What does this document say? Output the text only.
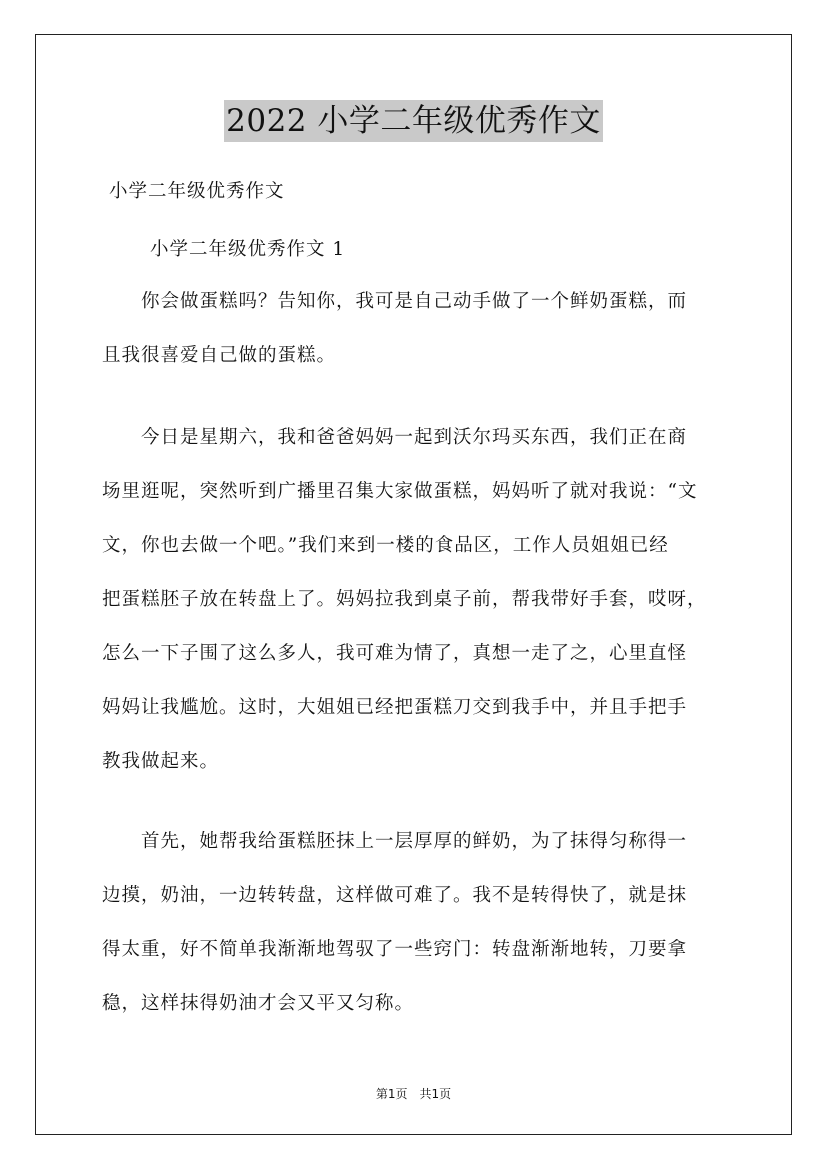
2022 小学二年级优秀作文
小学二年级优秀作文
小学二年级优秀作文 1
　　你会做蛋糕吗？告知你，我可是自己动手做了一个鲜奶蛋糕，而
且我很喜爱自己做的蛋糕。
　　今日是星期六，我和爸爸妈妈一起到沃尔玛买东西，我们正在商
场里逛呢，突然听到广播里召集大家做蛋糕，妈妈听了就对我说：“文
文，你也去做一个吧。”我们来到一楼的食品区，工作人员姐姐已经
把蛋糕胚子放在转盘上了。妈妈拉我到桌子前，帮我带好手套，哎呀，
怎么一下子围了这么多人，我可难为情了，真想一走了之，心里直怪
妈妈让我尴尬。这时，大姐姐已经把蛋糕刀交到我手中，并且手把手
教我做起来。
　　首先，她帮我给蛋糕胚抹上一层厚厚的鲜奶，为了抹得匀称得一
边摸，奶油，一边转转盘，这样做可难了。我不是转得快了，就是抹
得太重，好不简单我渐渐地驾驭了一些窍门：转盘渐渐地转，刀要拿
稳，这样抹得奶油才会又平又匀称。
第1页　共1页
